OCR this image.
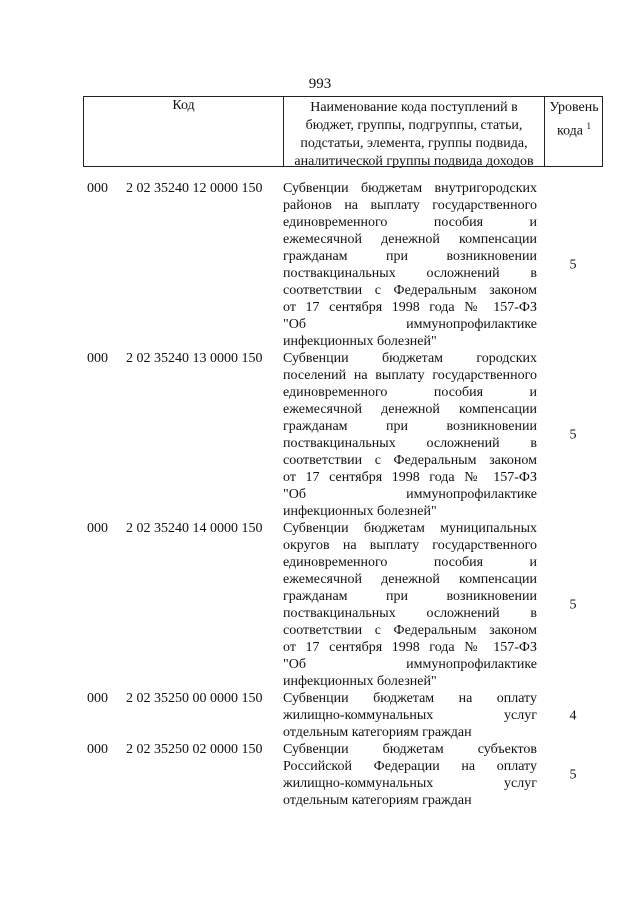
993
Код	Наименование кода поступлений в
бюджет, группы, подгруппы, статьи,
подстатьи, элемента, группы подвида,
аналитической группы подвида доходов
Уровень
кода $^1$
000 2 02 35240 12 0000 150 Субвенции бюджетам внутригородских
районов на выплату государственного
единовременного пособия и
ежемесячной денежной компенсации
гражданам при возникновении
поствакцинальных осложнений в
соответствии с Федеральным законом
от 17 сентября 1998 года № 157-ФЗ
"Об иммунопрофилактике
инфекционных болезней"
5
000 2 02 35240 13 0000 150 Субвенции бюджетам городских
поселений на выплату государственного
единовременного пособия и
ежемесячной денежной компенсации
гражданам при возникновении
поствакцинальных осложнений в
соответствии с Федеральным законом
от 17 сентября 1998 года № 157-ФЗ
"Об иммунопрофилактике
инфекционных болезней"
5
000 2 02 35240 14 0000 150 Субвенции бюджетам муниципальных
округов на выплату государственного
единовременного пособия и
ежемесячной денежной компенсации
гражданам при возникновении
поствакцинальных осложнений в
соответствии с Федеральным законом
от 17 сентября 1998 года № 157-ФЗ
"Об иммунопрофилактике
инфекционных болезней"
5
000 2 02 35250 00 0000 150 Субвенции бюджетам на оплату
жилищно-коммунальных услуг
отдельным категориям граждан
4
000 2 02 35250 02 0000 150 Субвенции бюджетам субъектов
Российской Федерации на оплату
жилищно-коммунальных услуг
отдельным категориям граждан
5
